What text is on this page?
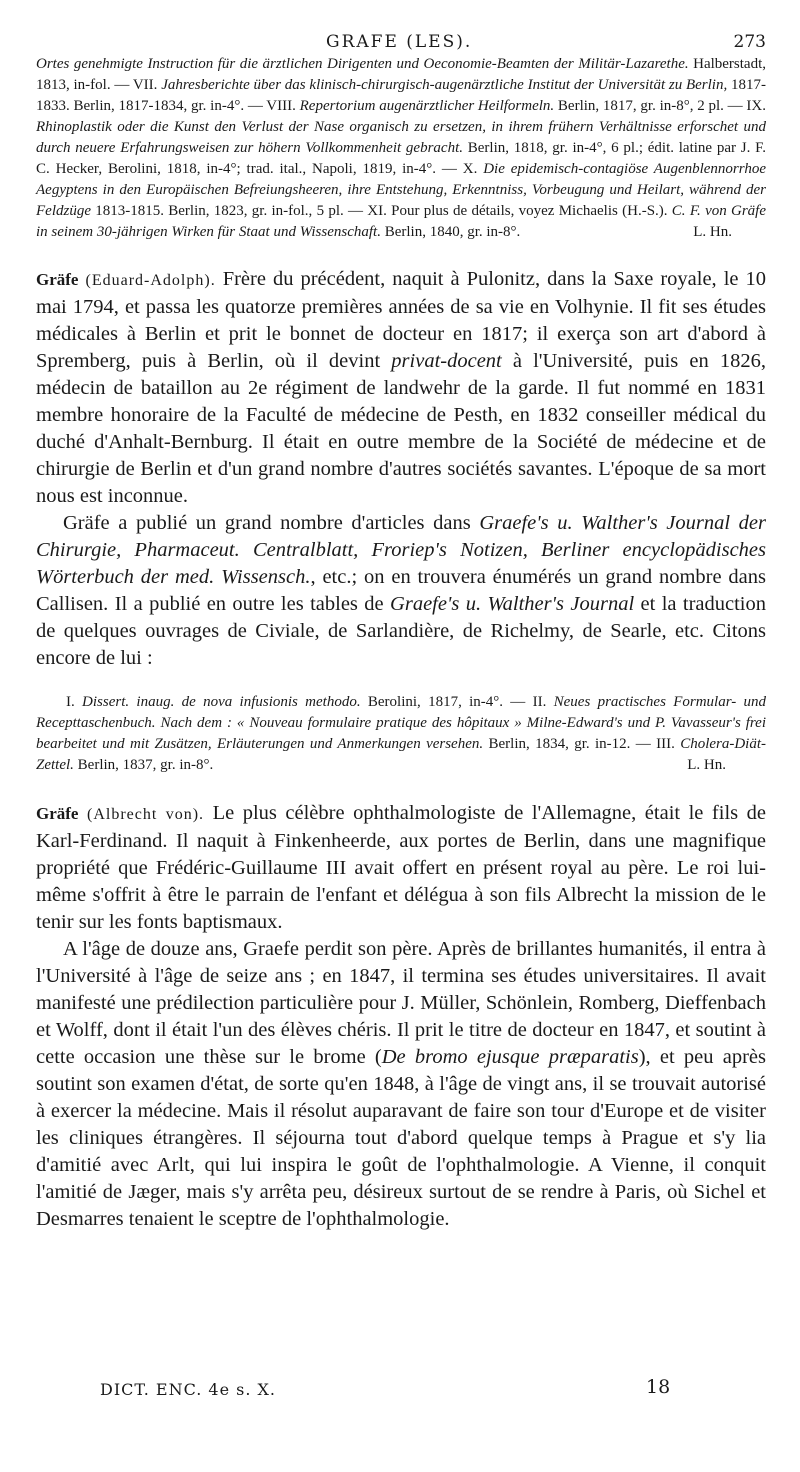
GRAFE (LES).	273

Ortes genehmigte Instruction für die ärztlichen Dirigenten und Oeconomie-Beamten der Militär-Lazarethe. Halberstadt, 1813, in-fol. — VII. Jahresberichte über das klinisch-chirurgisch-augenärztliche Institut der Universität zu Berlin, 1817-1833. Berlin, 1817-1834, gr. in-4°. — VIII. Repertorium augenärztlicher Heilformeln. Berlin, 1817, gr. in-8°, 2 pl. — IX. Rhinoplastik oder die Kunst den Verlust der Nase organisch zu ersetzen, in ihrem frühern Verhältnisse erforschet und durch neuere Erfahrungsweisen zur höhern Vollkommenheit gebracht. Berlin, 1818, gr. in-4°, 6 pl.; édit. latine par J. F. C. Hecker, Berolini, 1818, in-4°; trad. ital., Napoli, 1819, in-4°. — X. Die epidemisch-contagiöse Augenblennorrhoe Aegyptens in den Europäischen Befreiungsheeren, ihre Entstehung, Erkenntniss, Vorbeugung und Heilart, während der Feldzüge 1813-1815. Berlin, 1823, gr. in-fol., 5 pl. — XI. Pour plus de détails, voyez Michaelis (H.-S.). C. F. von Gräfe in seinem 30-jährigen Wirken für Staat und Wissenschaft. Berlin, 1840, gr. in-8°.	L. Hn.

Gräfe (Eduard-Adolph). Frère du précédent, naquit à Pulonitz, dans la Saxe royale, le 10 mai 1794, et passa les quatorze premières années de sa vie en Volhynie. Il fit ses études médicales à Berlin et prit le bonnet de docteur en 1817; il exerça son art d'abord à Spremberg, puis à Berlin, où il devint privat-docent à l'Université, puis en 1826, médecin de bataillon au 2e régiment de landwehr de la garde. Il fut nommé en 1831 membre honoraire de la Faculté de médecine de Pesth, en 1832 conseiller médical du duché d'Anhalt-Bernburg. Il était en outre membre de la Société de médecine et de chirurgie de Berlin et d'un grand nombre d'autres sociétés savantes. L'époque de sa mort nous est inconnue.

Gräfe a publié un grand nombre d'articles dans Graefe's u. Walther's Journal der Chirurgie, Pharmaceut. Centralblatt, Froriep's Notizen, Berliner encyclopädisches Wörterbuch der med. Wissensch., etc.; on en trouvera énumérés un grand nombre dans Callisen. Il a publié en outre les tables de Graefe's u. Walther's Journal et la traduction de quelques ouvrages de Civiale, de Sarlandière, de Richelmy, de Searle, etc. Citons encore de lui :

I. Dissert. inaug. de nova infusionis methodo. Berolini, 1817, in-4°. — II. Neues practisches Formular- und Recepttaschenbuch. Nach dem : « Nouveau formulaire pratique des hôpitaux » Milne-Edward's und P. Vavasseur's frei bearbeitet und mit Zusätzen, Erläuterungen und Anmerkungen versehen. Berlin, 1834, gr. in-12. — III. Cholera-Diät-Zettel. Berlin, 1837, gr. in-8°.	L. Hn.

Gräfe (Albrecht von). Le plus célèbre ophthalmologiste de l'Allemagne, était le fils de Karl-Ferdinand. Il naquit à Finkenheerde, aux portes de Berlin, dans une magnifique propriété que Frédéric-Guillaume III avait offert en présent royal au père. Le roi lui-même s'offrit à être le parrain de l'enfant et délégua à son fils Albrecht la mission de le tenir sur les fonts baptismaux.

A l'âge de douze ans, Graefe perdit son père. Après de brillantes humanités, il entra à l'Université à l'âge de seize ans ; en 1847, il termina ses études universitaires. Il avait manifesté une prédilection particulière pour J. Müller, Schönlein, Romberg, Dieffenbach et Wolff, dont il était l'un des élèves chéris. Il prit le titre de docteur en 1847, et soutint à cette occasion une thèse sur le brome (De bromo ejusque præparatis), et peu après soutint son examen d'état, de sorte qu'en 1848, à l'âge de vingt ans, il se trouvait autorisé à exercer la médecine. Mais il résolut auparavant de faire son tour d'Europe et de visiter les cliniques étrangères. Il séjourna tout d'abord quelque temps à Prague et s'y lia d'amitié avec Arlt, qui lui inspira le goût de l'ophthalmologie. A Vienne, il conquit l'amitié de Jæger, mais s'y arrêta peu, désireux surtout de se rendre à Paris, où Sichel et Desmarres tenaient le sceptre de l'ophthalmologie.

DICT. ENC. 4e s. X.	18
